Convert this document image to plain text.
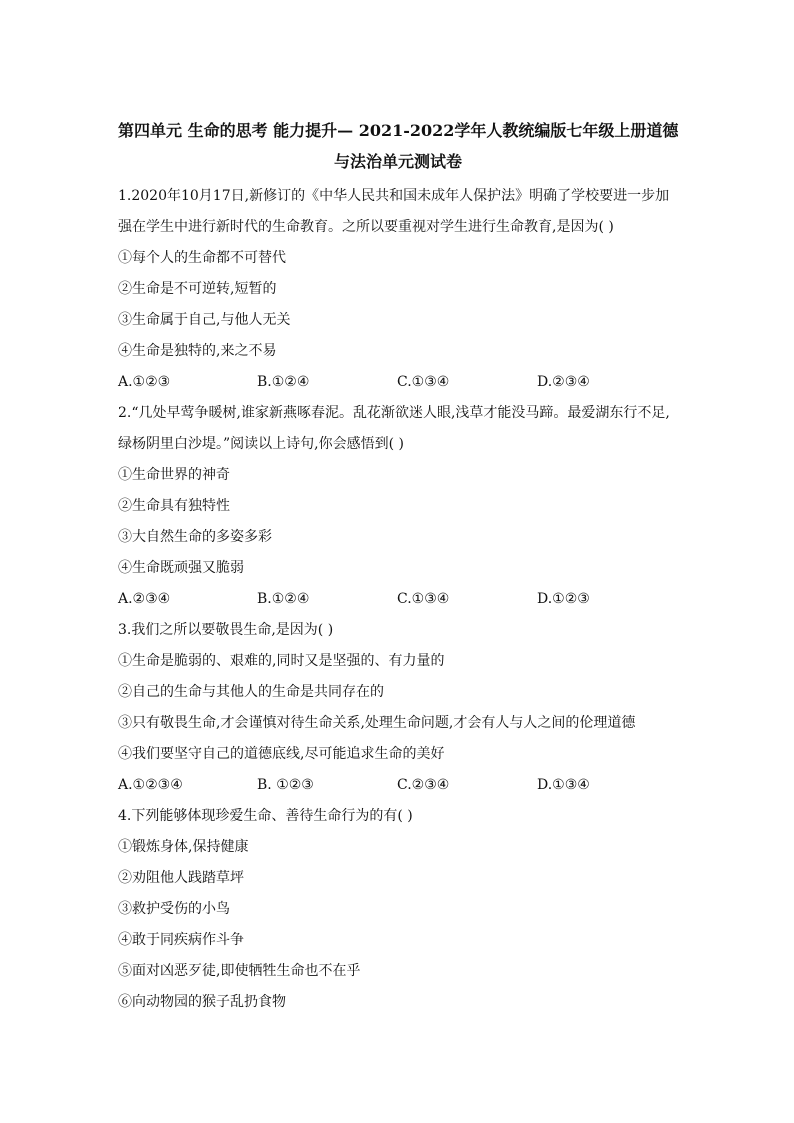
第四单元 生命的思考 能力提升— 2021-2022学年人教统编版七年级上册道德
与法治单元测试卷

1.2020年10月17日,新修订的《中华人民共和国未成年人保护法》明确了学校要进一步加

强在学生中进行新时代的生命教育。之所以要重视对学生进行生命教育,是因为( )

①每个人的生命都不可替代

②生命是不可逆转,短暂的

③生命属于自己,与他人无关

④生命是独特的,来之不易

A.①②③	B.①②④	C.①③④	D.②③④

2.“几处早莺争暖树,谁家新燕啄春泥。乱花渐欲迷人眼,浅草才能没马蹄。最爱湖东行不足,

绿杨阴里白沙堤。”阅读以上诗句,你会感悟到( )

①生命世界的神奇

②生命具有独特性

③大自然生命的多姿多彩

④生命既顽强又脆弱

A.②③④	B.①②④	C.①③④	D.①②③

3.我们之所以要敬畏生命,是因为( )

①生命是脆弱的、艰难的,同时又是坚强的、有力量的

②自己的生命与其他人的生命是共同存在的

③只有敬畏生命,才会谨慎对待生命关系,处理生命问题,才会有人与人之间的伦理道德

④我们要坚守自己的道德底线,尽可能追求生命的美好

A.①②③④	B. ①②③	C.②③④	D.①③④

4.下列能够体现珍爱生命、善待生命行为的有( )

①锻炼身体,保持健康

②劝阻他人践踏草坪

③救护受伤的小鸟

④敢于同疾病作斗争

⑤面对凶恶歹徒,即使牺牲生命也不在乎

⑥向动物园的猴子乱扔食物
